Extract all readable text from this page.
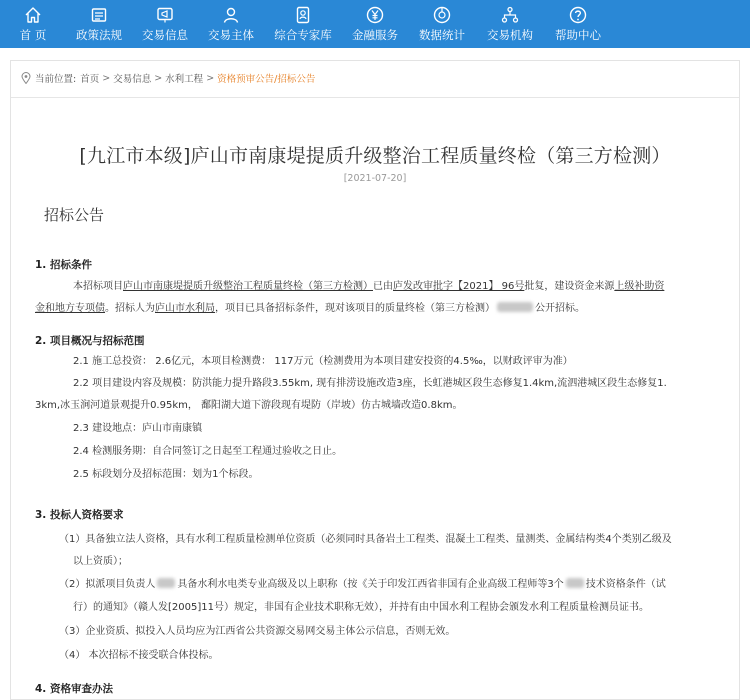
首 页	政策法规 交易信息 交易主体 综合专家库 金融服务 数据统计 交易机构 帮助中心
当前位置: 首页 > 交易信息 > 水利工程 > 资格预审公告/招标公告
[九江市本级]庐山市南康堤提质升级整治工程质量终检（第三方检测）
[2021-07-20]
招标公告
1. 招标条件
本招标项目庐山市南康堤提质升级整治工程质量终检（第三方检测）已由庐发改审批字【2021】 96号批复，建设资金来源上级补助资
金和地方专项债。招标人为庐山市水利局，项目已具备招标条件，现对该项目的质量终检（第三方检测）	公开招标。
2. 项目概况与招标范围
2.1 施工总投资： 2.6亿元，本项目检测费： 117万元（检测费用为本项目建安投资的4.5‰，以财政评审为准）
2.2 项目建设内容及规模：防洪能力提升路段3.55km, 现有排涝设施改造3座，长虹港城区段生态修复1.4km,流泗港城区段生态修复1.
3km,冰玉涧河道景观提升0.95km， 鄱阳湖大道下游段现有堤防（岸坡）仿古城墙改造0.8km。
2.3 建设地点：庐山市南康镇
2.4 检测服务期：自合同签订之日起至工程通过验收之日止。
2.5 标段划分及招标范围：划为1个标段。
3. 投标人资格要求
（1）具备独立法人资格，具有水利工程质量检测单位资质（必须同时具备岩土工程类、混凝土工程类、量测类、金属结构类4个类别乙级及
以上资质）；
（2）拟派项目负责人 具备水利水电类专业高级及以上职称（按《关于印发江西省非国有企业高级工程师等3个 技术资格条件（试
行）的通知》（赣人发[2005]11号）规定，非国有企业技术职称无效），并持有由中国水利工程协会颁发水利工程质量检测员证书。
（3）企业资质、拟投入人员均应为江西省公共资源交易网交易主体公示信息，否则无效。
（4） 本次招标不接受联合体投标。
4. 资格审查办法
